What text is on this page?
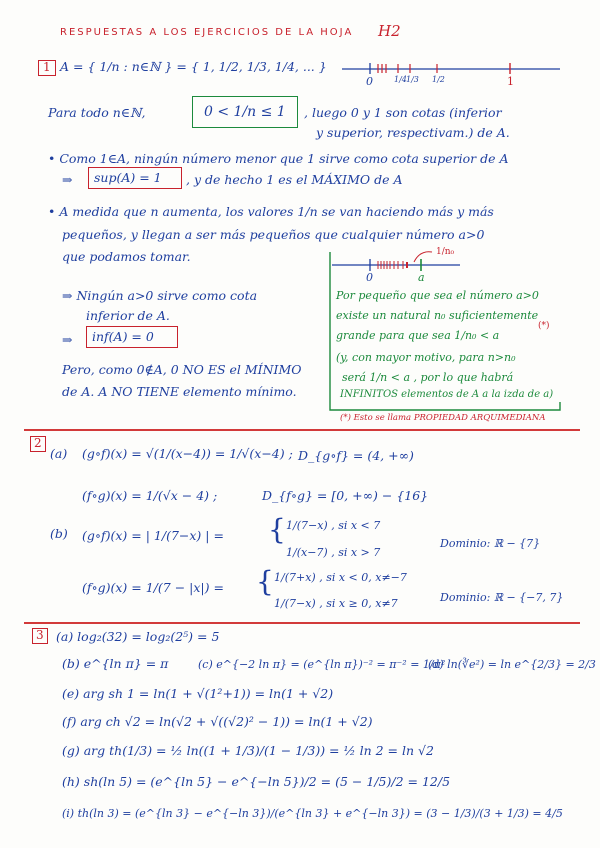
RESPUESTAS A LOS EJERCICIOS DE LA HOJA H2
1 A = { 1/n : n∈ℕ } = { 1, 1/2, 1/3, 1/4, ... }
0	1/4 1/3 1/2	1
Para todo n∈ℕ,	0 < 1/n ≤ 1 , luego 0 y 1 son cotas (inferior
y superior, respectivam.) de A.
• Como 1∈A, ningún número menor que 1 sirve como cota superior de A
⇒ sup(A) = 1 , y de hecho 1 es el MÁXIMO de A
• A medida que n aumenta, los valores 1/n se van haciendo más y más
pequeños, y llegan a ser más pequeños que cualquier número a>0
que podamos tomar.
⇒ Ningún a>0 sirve como cota
inferior de A.
⇒ inf(A) = 0
Pero, como 0∉A, 0 NO ES el MÍNIMO
de A. A NO TIENE elemento mínimo.
0	a
1/n₀
Por pequeño que sea el número a>0
existe un natural n₀ suficientemente
grande para que sea 1/n₀ < a
(*)
(y, con mayor motivo, para n>n₀
será 1/n < a , por lo que habrá
INFINITOS elementos de A a la izda de a)
(*) Esto se llama PROPIEDAD ARQUIMEDIANA
2
(a) (g∘f)(x) = √(1/(x−4)) = 1/√(x−4) ; D_{g∘f} = (4, +∞)
(f∘g)(x) = 1/(√x − 4) ;	D_{f∘g} = [0, +∞) − {16}
(b) (g∘f)(x) = | 1/(7−x) | = { 1/(7−x) , si x < 7
1/(x−7) , si x > 7
Dominio: ℝ − {7}
(f∘g)(x) = 1/(7 − |x|) = { 1/(7+x) , si x < 0, x≠−7
1/(7−x) , si x ≥ 0, x≠7	Dominio: ℝ − {−7, 7}
3 (a) log₂(32) = log₂(2⁵) = 5
(b) e^{ln π} = π	(c) e^{−2 ln π} = (e^{ln π})⁻² = π⁻² = 1/π²
(d) ln(∛e²) = ln e^{2/3} = 2/3
(e) arg sh 1 = ln(1 + √(1²+1)) = ln(1 + √2)
(f) arg ch √2 = ln(√2 + √((√2)² − 1)) = ln(1 + √2)
(g) arg th(1/3) = ½ ln((1 + 1/3)/(1 − 1/3)) = ½ ln 2 = ln √2
(h) sh(ln 5) = (e^{ln 5} − e^{−ln 5})/2 = (5 − 1/5)/2 = 12/5
(i) th(ln 3) = (e^{ln 3} − e^{−ln 3})/(e^{ln 3} + e^{−ln 3}) = (3 − 1/3)/(3 + 1/3) = 4/5
